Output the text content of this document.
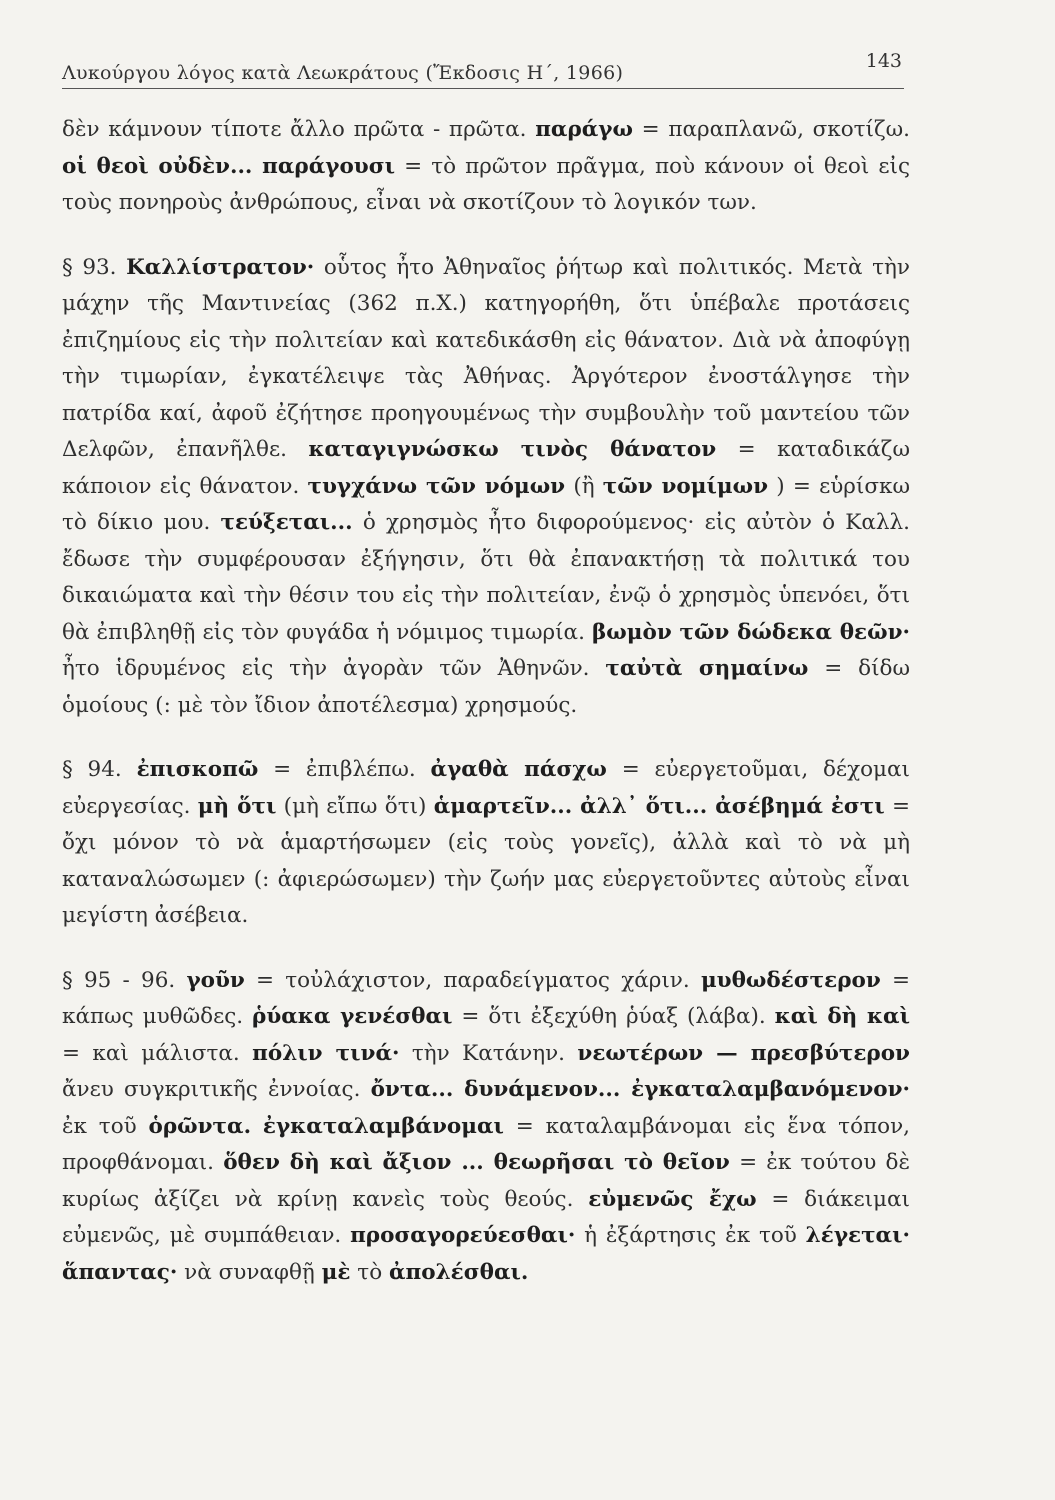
Λυκούργου λόγος κατὰ Λεωκράτους (Ἔκδοσις Η΄, 1966)
143

δὲν κάμνουν τίποτε ἄλλο πρῶτα - πρῶτα. παράγω = παραπλανῶ, σκοτίζω. οἱ θεοὶ οὐδὲν... παράγουσι = τὸ πρῶτον πρᾶγμα, ποὺ κάνουν οἱ θεοὶ εἰς τοὺς πονηροὺς ἀνθρώπους, εἶναι νὰ σκοτίζουν τὸ λογικόν των.

§ 93. Καλλίστρατον· οὗτος ἦτο Ἀθηναῖος ῥήτωρ καὶ πολιτικός. Μετὰ τὴν μάχην τῆς Μαντινείας (362 π.Χ.) κατηγορήθη, ὅτι ὑπέβαλε προτάσεις ἐπιζημίους εἰς τὴν πολιτείαν καὶ κατεδικάσθη εἰς θάνατον. Διὰ νὰ ἀποφύγῃ τὴν τιμωρίαν, ἐγκατέλειψε τὰς Ἀθήνας. Ἀργότερον ἐνοστάλγησε τὴν πατρίδα καί, ἀφοῦ ἐζήτησε προηγουμένως τὴν συμβουλὴν τοῦ μαντείου τῶν Δελφῶν, ἐπανῆλθε. καταγιγνώσκω τινὸς θάνατον = καταδικάζω κάποιον εἰς θάνατον. τυγχάνω τῶν νόμων (ἢ τῶν νομίμων ) = εὑρίσκω τὸ δίκιο μου. τεύξεται... ὁ χρησμὸς ἦτο διφορούμενος· εἰς αὐτὸν ὁ Καλλ. ἔδωσε τὴν συμφέρουσαν ἐξήγησιν, ὅτι θὰ ἐπανακτήσῃ τὰ πολιτικά του δικαιώματα καὶ τὴν θέσιν του εἰς τὴν πολιτείαν, ἐνῷ ὁ χρησμὸς ὑπενόει, ὅτι θὰ ἐπιβληθῇ εἰς τὸν φυγάδα ἡ νόμιμος τιμωρία. βωμὸν τῶν δώδεκα θεῶν· ἦτο ἱδρυμένος εἰς τὴν ἀγορὰν τῶν Ἀθηνῶν. ταὐτὰ σημαίνω = δίδω ὁμοίους (: μὲ τὸν ἴδιον ἀποτέλεσμα) χρησμούς.

§ 94. ἐπισκοπῶ = ἐπιβλέπω. ἀγαθὰ πάσχω = εὐεργετοῦμαι, δέχομαι εὐεργεσίας. μὴ ὅτι (μὴ εἴπω ὅτι) ἁμαρτεῖν... ἀλλ᾽ ὅτι... ἀσέβημά ἐστι = ὄχι μόνον τὸ νὰ ἁμαρτήσωμεν (εἰς τοὺς γονεῖς), ἀλλὰ καὶ τὸ νὰ μὴ καταναλώσωμεν (: ἀφιερώσωμεν) τὴν ζωήν μας εὐεργετοῦντες αὐτοὺς εἶναι μεγίστη ἀσέβεια.

§ 95 - 96. γοῦν = τοὐλάχιστον, παραδείγματος χάριν. μυθωδέστερον = κάπως μυθῶδες. ῥύακα γενέσθαι = ὅτι ἐξεχύθη ῥύαξ (λάβα). καὶ δὴ καὶ = καὶ μάλιστα. πόλιν τινά· τὴν Κατάνην. νεωτέρων — πρεσβύτερον ἄνευ συγκριτικῆς ἐννοίας. ὄντα... δυνάμενον... ἐγκαταλαμβανόμενον· ἐκ τοῦ ὁρῶντα. ἐγκαταλαμβάνομαι = καταλαμβάνομαι εἰς ἕνα τόπον, προφθάνομαι. ὅθεν δὴ καὶ ἄξιον ... θεωρῆσαι τὸ θεῖον = ἐκ τούτου δὲ κυρίως ἀξίζει νὰ κρίνῃ κανεὶς τοὺς θεούς. εὐμενῶς ἔχω = διάκειμαι εὐμενῶς, μὲ συμπάθειαν. προσαγορεύεσθαι· ἡ ἐξάρτησις ἐκ τοῦ λέγεται· ἅπαντας· νὰ συναφθῇ μὲ τὸ ἀπολέσθαι.
